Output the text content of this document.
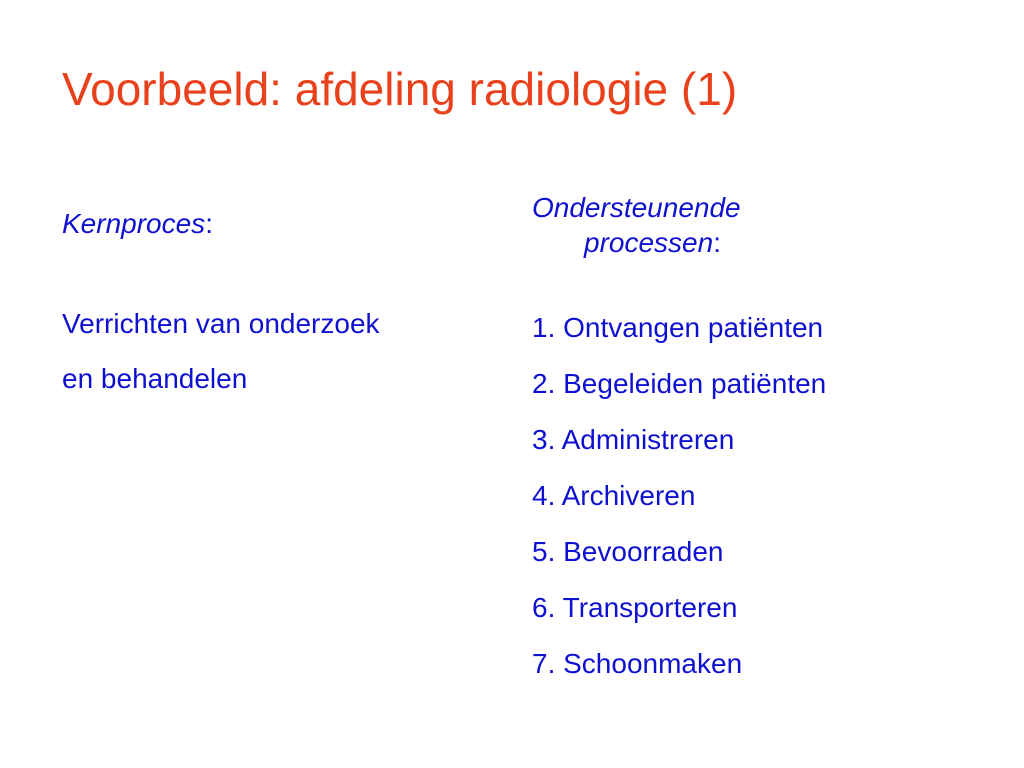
Voorbeeld: afdeling radiologie (1)

Kernproces:

Verrichten van onderzoek
en behandelen

Ondersteunende
processen:

1. Ontvangen patiënten
2. Begeleiden patiënten
3. Administreren
4. Archiveren
5. Bevoorraden
6. Transporteren
7. Schoonmaken
